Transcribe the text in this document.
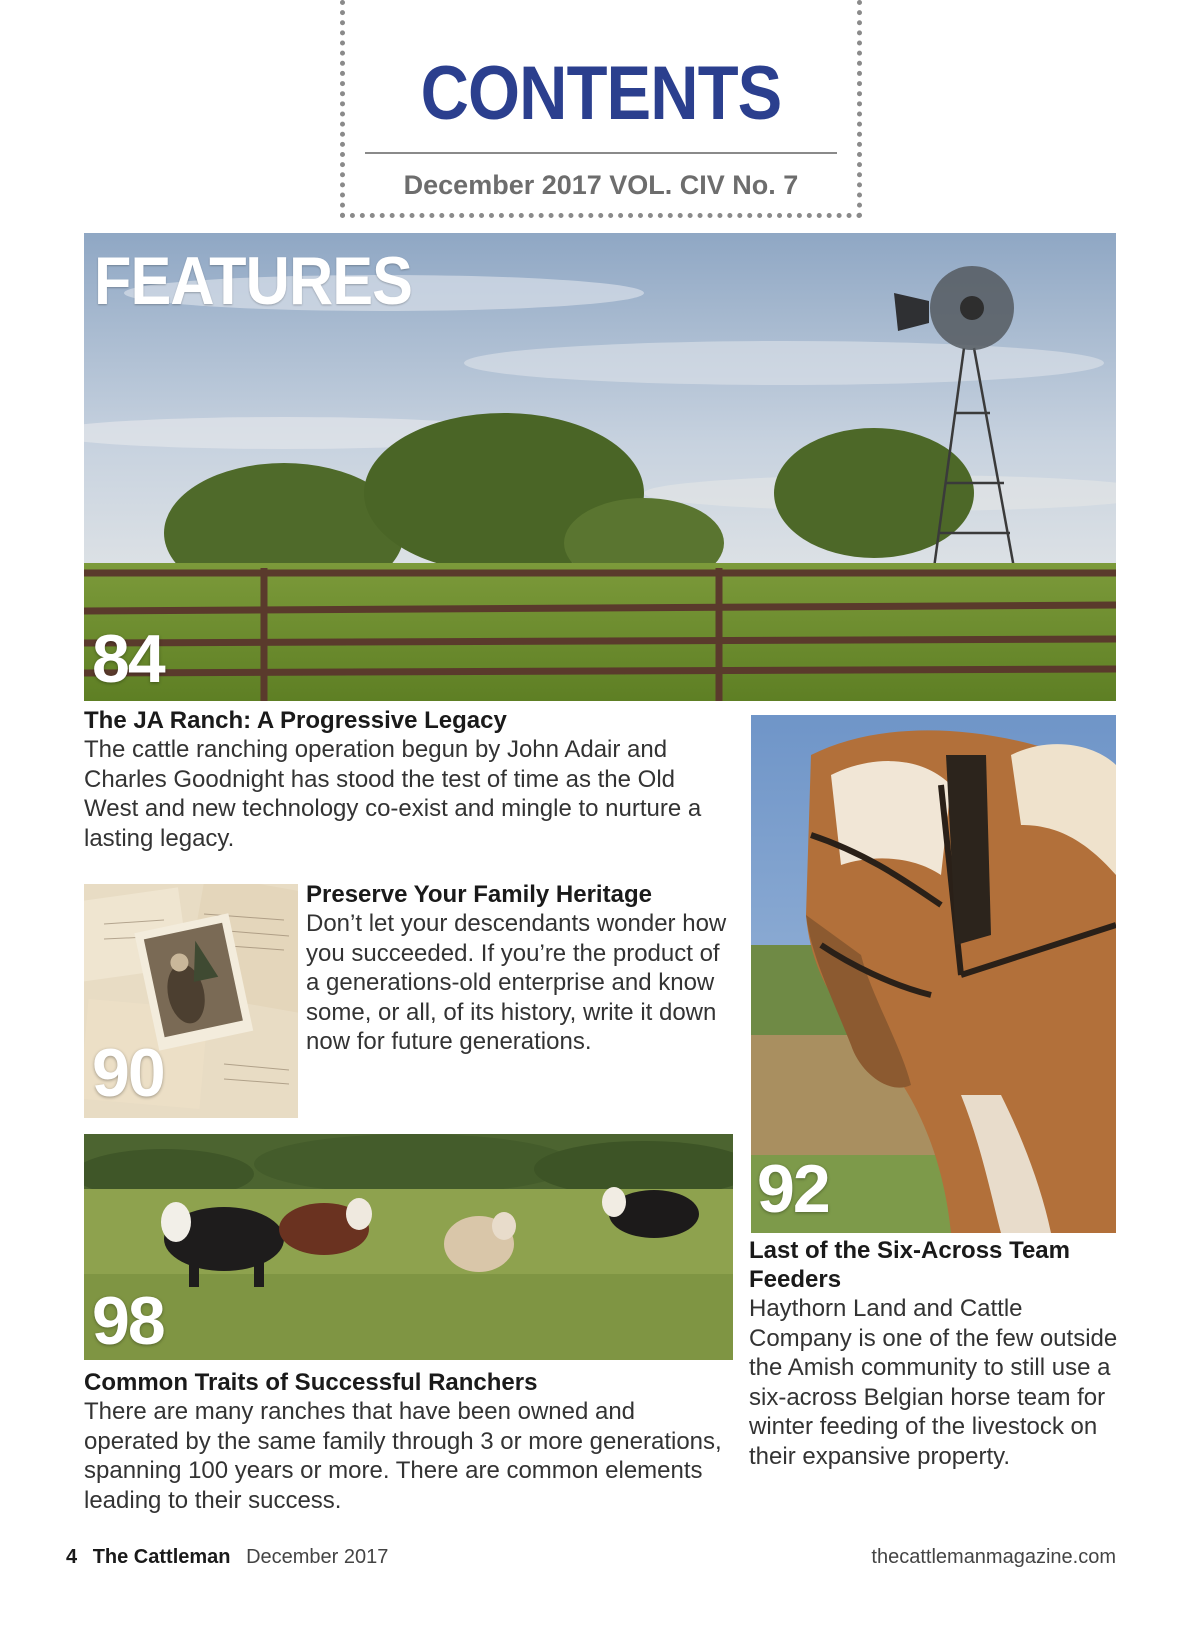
CONTENTS
December 2017 VOL. CIV No. 7
FEATURES
84
The JA Ranch: A Progressive Legacy
The cattle ranching operation begun by John Adair and Charles Goodnight has stood the test of time as the Old West and new technology co-exist and mingle to nurture a lasting legacy.
90
Preserve Your Family Heritage
Don’t let your descendants wonder how you succeeded. If you’re the product of a generations-old enterprise and know some, or all, of its history, write it down now for future generations.
92
Last of the Six-Across Team Feeders
Haythorn Land and Cattle Company is one of the few outside the Amish community to still use a six-across Belgian horse team for winter feeding of the livestock on their expansive property.
98
Common Traits of Successful Ranchers
There are many ranches that have been owned and operated by the same family through 3 or more generations, spanning 100 years or more. There are common elements leading to their success.
4 The Cattleman December 2017	thecattlemanmagazine.com
